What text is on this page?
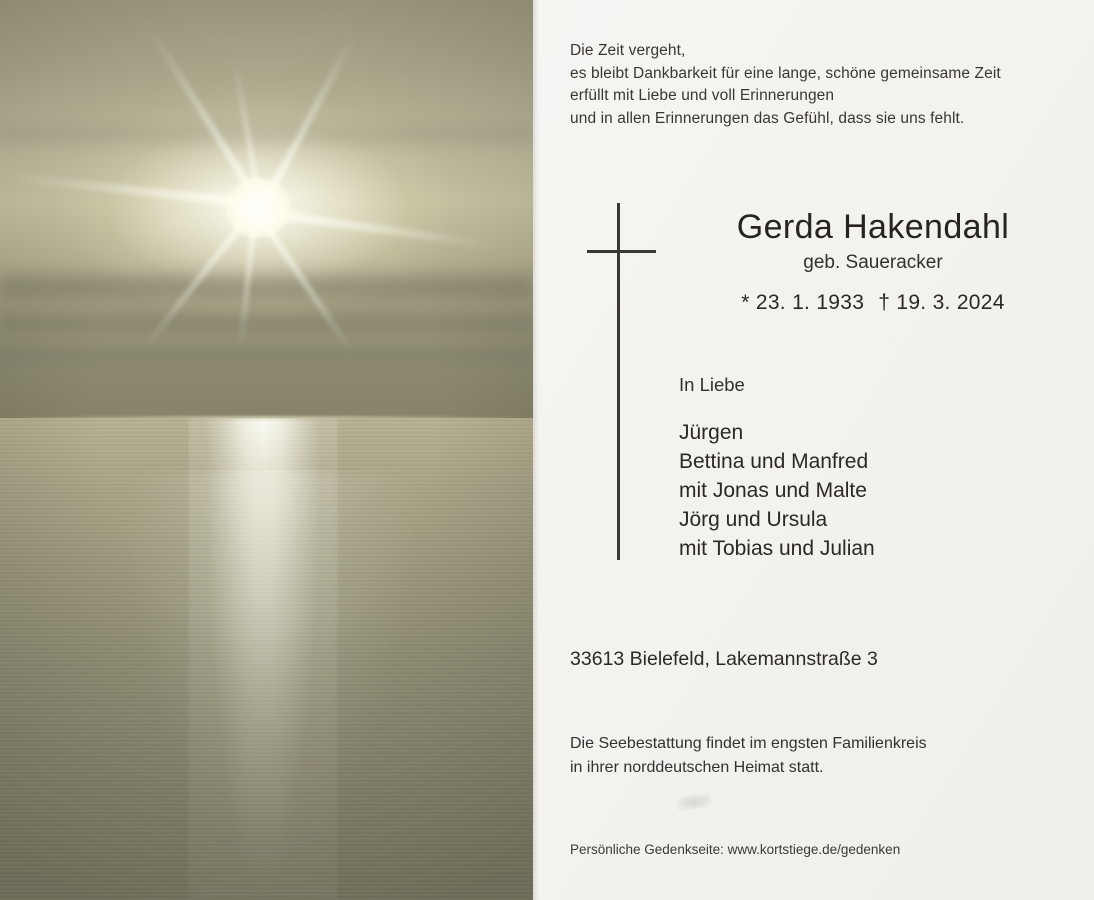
Die Zeit vergeht,
es bleibt Dankbarkeit für eine lange, schöne gemeinsame Zeit
erfüllt mit Liebe und voll Erinnerungen
und in allen Erinnerungen das Gefühl, dass sie uns fehlt.
Gerda Hakendahl
geb. Saueracker
* 23. 1. 1933 † 19. 3. 2024
In Liebe
Jürgen
Bettina und Manfred
mit Jonas und Malte
Jörg und Ursula
mit Tobias und Julian
33613 Bielefeld, Lakemannstraße 3
Die Seebestattung findet im engsten Familienkreis
in ihrer norddeutschen Heimat statt.
Persönliche Gedenkseite: www.kortstiege.de/gedenken
